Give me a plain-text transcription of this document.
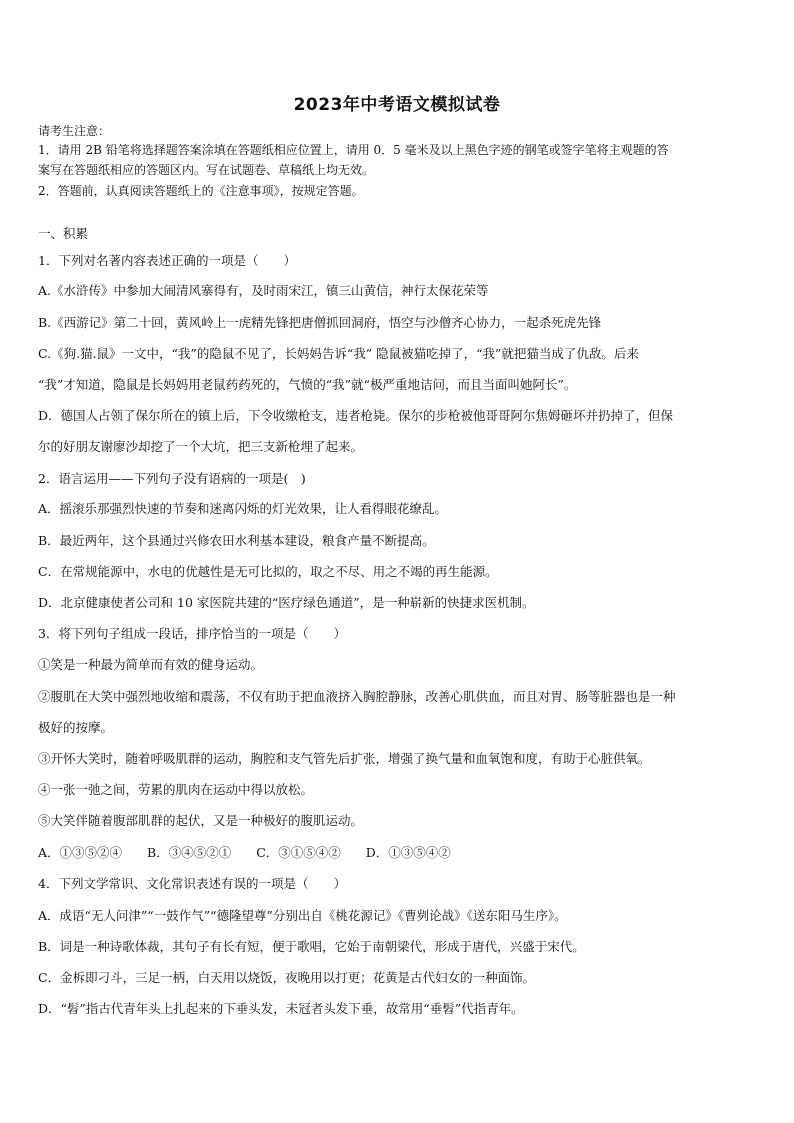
2023年中考语文模拟试卷
请考生注意：
1．请用 2B 铅笔将选择题答案涂填在答题纸相应位置上，请用 0．5 毫米及以上黑色字迹的钢笔或签字笔将主观题的答
案写在答题纸相应的答题区内。写在试题卷、草稿纸上均无效。
2．答题前，认真阅读答题纸上的《注意事项》，按规定答题。
一、积累
1．下列对名著内容表述正确的一项是（　　）
A.《水浒传》中参加大闹清风寨得有，及时雨宋江，镇三山黄信，神行太保花荣等
B.《西游记》第二十回，黄风岭上一虎精先锋把唐僧抓回洞府，悟空与沙僧齐心协力，一起杀死虎先锋
C.《狗.猫.鼠》一文中，“我”的隐鼠不见了，长妈妈告诉“我” 隐鼠被猫吃掉了，“我”就把猫当成了仇敌。后来
“我”才知道，隐鼠是长妈妈用老鼠药药死的，气愤的“我”就“极严重地诘问，而且当面叫她阿长”。
D．德国人占领了保尔所在的镇上后，下令收缴枪支，违者枪毙。保尔的步枪被他哥哥阿尔焦姆砸坏并扔掉了，但保
尔的好朋友谢廖沙却挖了一个大坑，把三支新枪埋了起来。
2．语言运用——下列句子没有语病的一项是(　)
A．摇滚乐那强烈快速的节奏和迷离闪烁的灯光效果，让人看得眼花缭乱。
B．最近两年，这个县通过兴修农田水利基本建设，粮食产量不断提高。
C．在常规能源中，水电的优越性是无可比拟的，取之不尽、用之不竭的再生能源。
D．北京健康使者公司和 10 家医院共建的“医疗绿色通道”，是一种崭新的快捷求医机制。
3．将下列句子组成一段话，排序恰当的一项是（　　）
①笑是一种最为简单而有效的健身运动。
②腹肌在大笑中强烈地收缩和震荡，不仅有助于把血液挤入胸腔静脉，改善心肌供血，而且对胃、肠等脏器也是一种
极好的按摩。
③开怀大笑时，随着呼吸肌群的运动，胸腔和支气管先后扩张，增强了换气量和血氧饱和度，有助于心脏供氧。
④一张一弛之间，劳累的肌肉在运动中得以放松。
⑤大笑伴随着腹部肌群的起伏，又是一种极好的腹肌运动。
A．①③⑤②④　　B．③④⑤②①　　C．③①⑤④②　　D．①③⑤④②
4．下列文学常识、文化常识表述有误的一项是（　　）
A．成语“无人问津”“一鼓作气”“德隆望尊”分别出自《桃花源记》《曹刿论战》《送东阳马生序》。
B．词是一种诗歌体裁，其句子有长有短，便于歌唱，它始于南朝梁代，形成于唐代，兴盛于宋代。
C．金柝即刁斗，三足一柄，白天用以烧饭，夜晚用以打更；花黄是古代妇女的一种面饰。
D．“髫”指古代青年头上扎起来的下垂头发，未冠者头发下垂，故常用“垂髫”代指青年。
